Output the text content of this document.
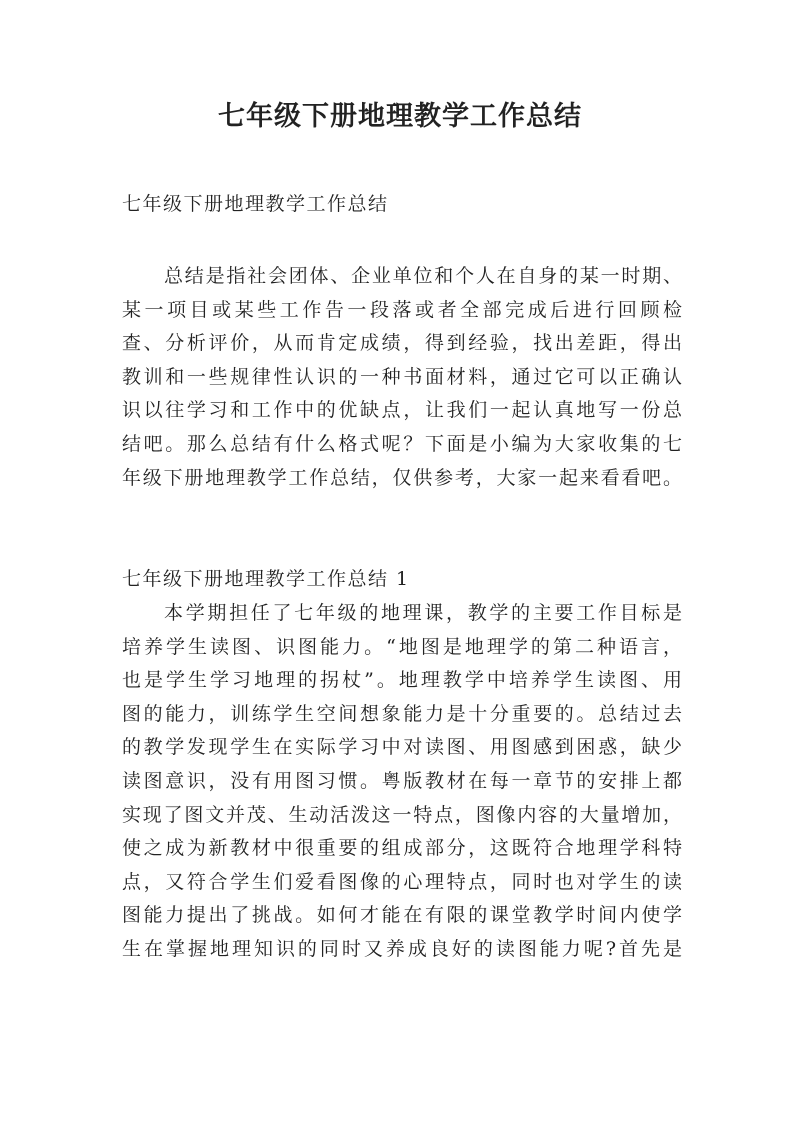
七年级下册地理教学工作总结

七年级下册地理教学工作总结

总结是指社会团体、企业单位和个人在自身的某一时期、
某一项目或某些工作告一段落或者全部完成后进行回顾检
查、分析评价，从而肯定成绩，得到经验，找出差距，得出
教训和一些规律性认识的一种书面材料，通过它可以正确认
识以往学习和工作中的优缺点，让我们一起认真地写一份总
结吧。那么总结有什么格式呢？下面是小编为大家收集的七
年级下册地理教学工作总结，仅供参考，大家一起来看看吧。

七年级下册地理教学工作总结 1

本学期担任了七年级的地理课，教学的主要工作目标是
培养学生读图、识图能力。“地图是地理学的第二种语言，
也是学生学习地理的拐杖”。地理教学中培养学生读图、用
图的能力，训练学生空间想象能力是十分重要的。总结过去
的教学发现学生在实际学习中对读图、用图感到困惑，缺少
读图意识，没有用图习惯。粤版教材在每一章节的安排上都
实现了图文并茂、生动活泼这一特点，图像内容的大量增加，
使之成为新教材中很重要的组成部分，这既符合地理学科特
点，又符合学生们爱看图像的心理特点，同时也对学生的读
图能力提出了挑战。如何才能在有限的课堂教学时间内使学
生在掌握地理知识的同时又养成良好的读图能力呢?首先是
